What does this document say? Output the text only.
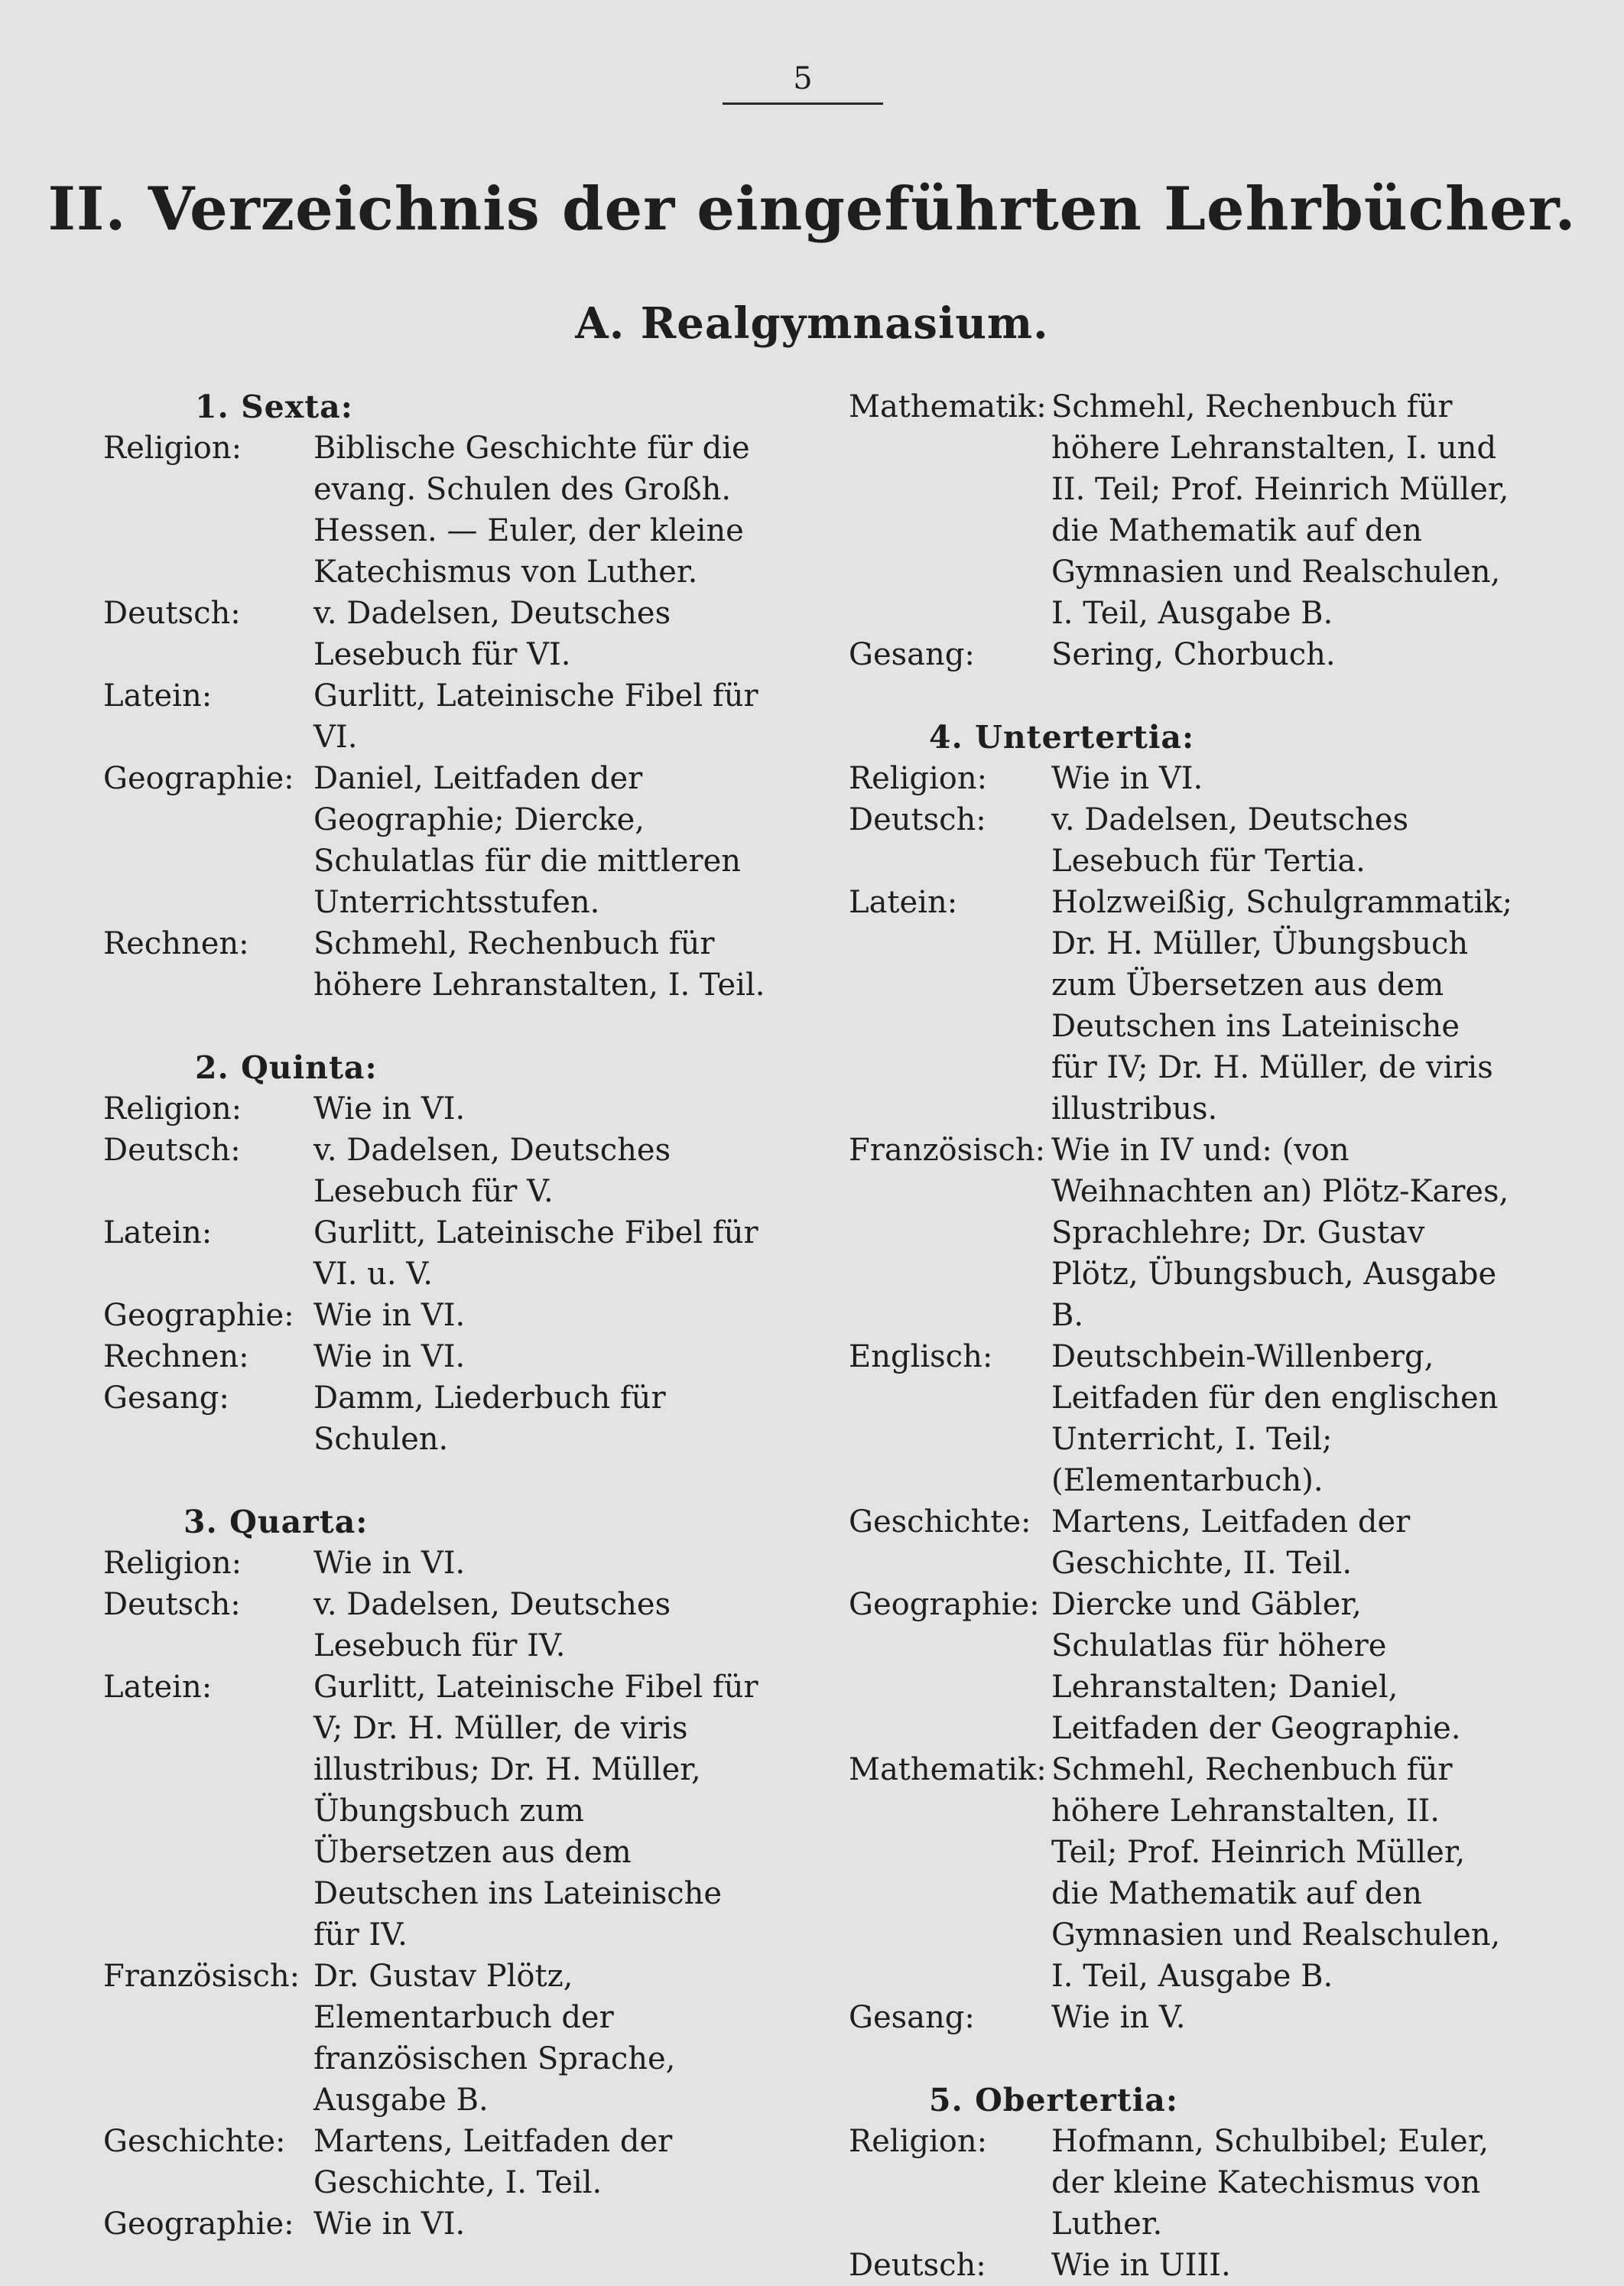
5
II. Verzeichnis der eingeführten Lehrbücher.
A. Realgymnasium.
1. Sexta:
Religion:	Biblische Geschichte für die evang. Schulen des Großh. Hessen. — Euler, der kleine Katechismus von Luther.
Deutsch:	v. Dadelsen, Deutsches Lesebuch für VI.
Latein:	Gurlitt, Lateinische Fibel für VI.
Geographie: Daniel, Leitfaden der Geographie; Diercke, Schulatlas für die mittleren Unterrichtsstufen.
Rechnen:	Schmehl, Rechenbuch für höhere Lehranstalten, I. Teil.
2. Quinta:
Religion:	Wie in VI.
Deutsch:	v. Dadelsen, Deutsches Lesebuch für V.
Latein:	Gurlitt, Lateinische Fibel für VI. u. V.
Geographie: Wie in VI.
Rechnen:	Wie in VI.
Gesang:	Damm, Liederbuch für Schulen.
3. Quarta:
Religion:	Wie in VI.
Deutsch:	v. Dadelsen, Deutsches Lesebuch für IV.
Latein:	Gurlitt, Lateinische Fibel für V; Dr. H. Müller, de viris illustribus; Dr. H. Müller, Übungsbuch zum Übersetzen aus dem Deutschen ins Lateinische für IV.
Französisch: Dr. Gustav Plötz, Elementarbuch der französischen Sprache, Ausgabe B.
Geschichte: Martens, Leitfaden der Geschichte, I. Teil.
Geographie: Wie in VI.
Mathematik: Schmehl, Rechenbuch für höhere Lehranstalten, I. und II. Teil; Prof. Heinrich Müller, die Mathematik auf den Gymnasien und Realschulen, I. Teil, Ausgabe B.
Gesang:	Sering, Chorbuch.
4. Untertertia:
Religion:	Wie in VI.
Deutsch:	v. Dadelsen, Deutsches Lesebuch für Tertia.
Latein:	Holzweißig, Schulgrammatik; Dr. H. Müller, Übungsbuch zum Übersetzen aus dem Deutschen ins Lateinische für IV; Dr. H. Müller, de viris illustribus.
Französisch: Wie in IV und: (von Weihnachten an) Plötz-Kares, Sprachlehre; Dr. Gustav Plötz, Übungsbuch, Ausgabe B.
Englisch:	Deutschbein-Willenberg, Leitfaden für den englischen Unterricht, I. Teil; (Elementarbuch).
Geschichte: Martens, Leitfaden der Geschichte, II. Teil.
Geographie: Diercke und Gäbler, Schulatlas für höhere Lehranstalten; Daniel, Leitfaden der Geographie.
Mathematik: Schmehl, Rechenbuch für höhere Lehranstalten, II. Teil; Prof. Heinrich Müller, die Mathematik auf den Gymnasien und Realschulen, I. Teil, Ausgabe B.
Gesang:	Wie in V.
5. Obertertia:
Religion:	Hofmann, Schulbibel; Euler, der kleine Katechismus von Luther.
Deutsch:	Wie in UIII.
